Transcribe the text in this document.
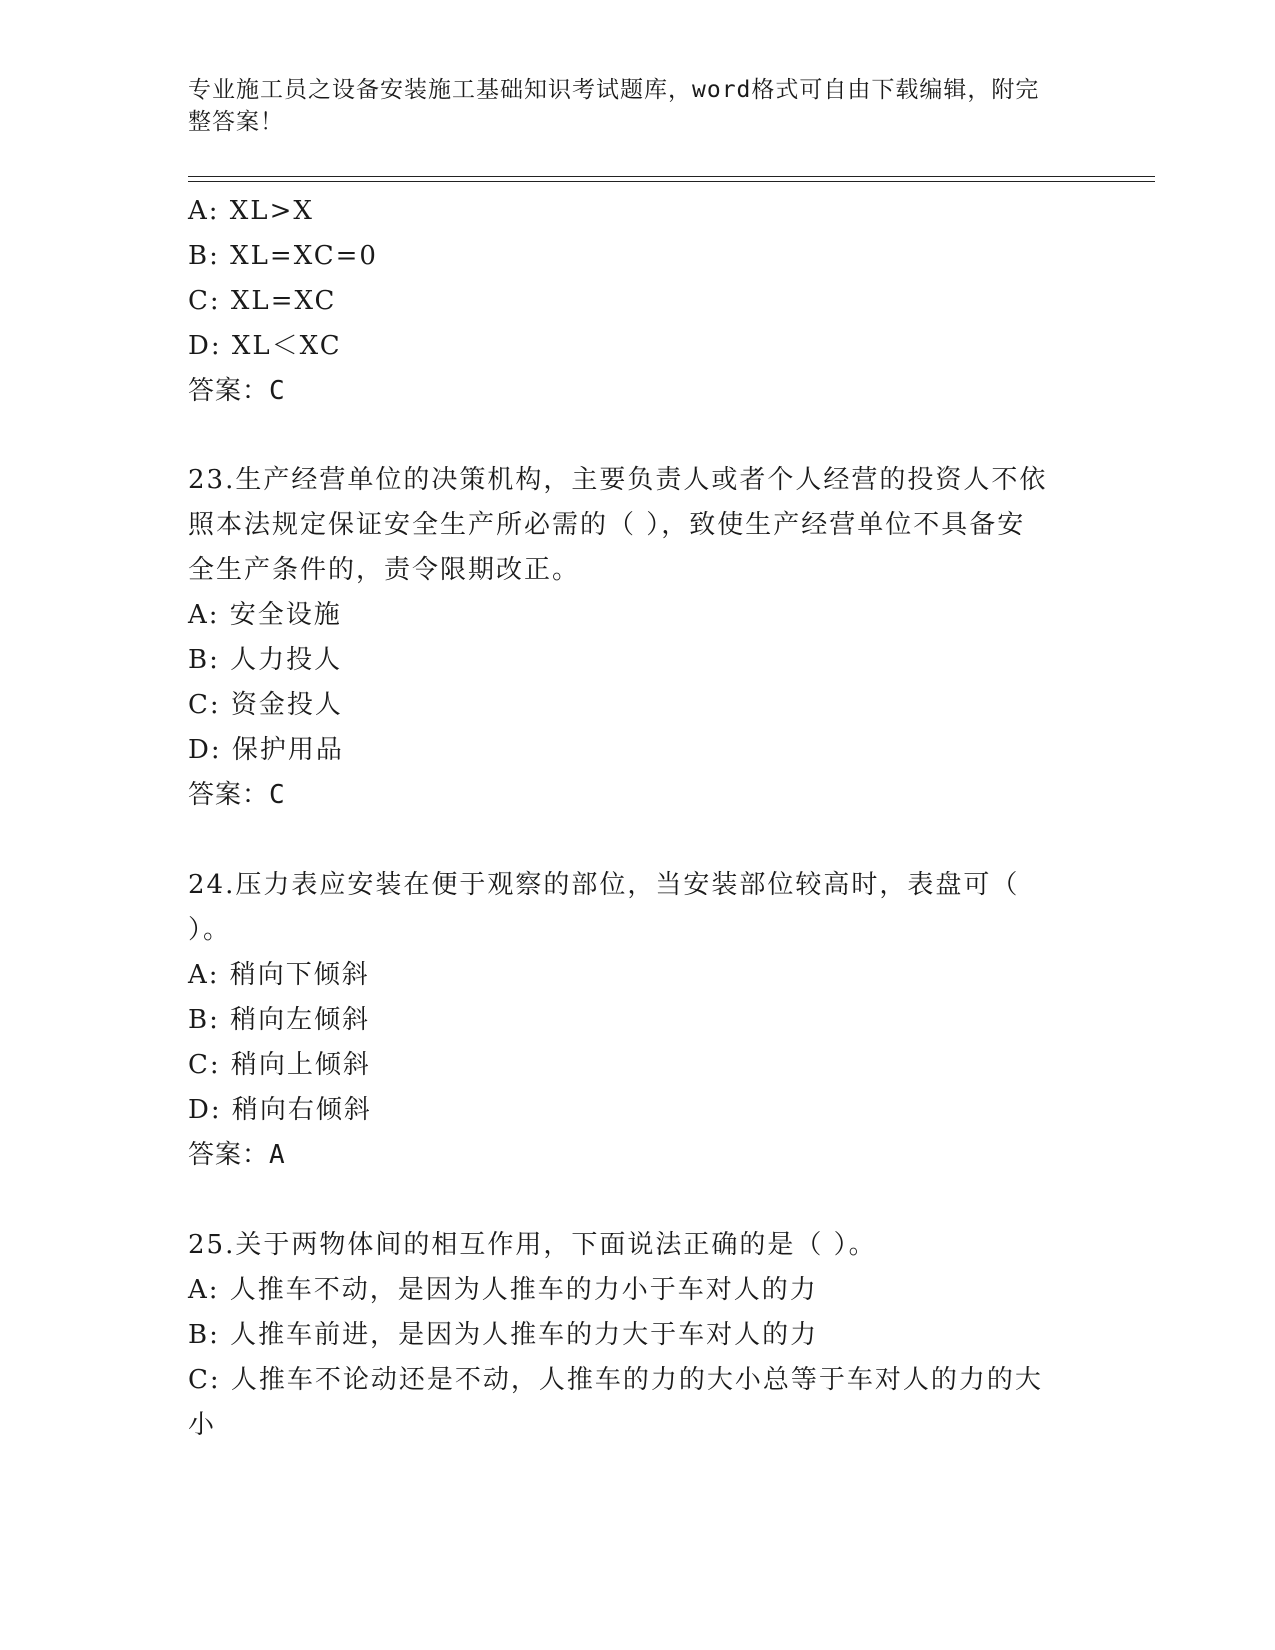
专业施工员之设备安装施工基础知识考试题库，word格式可自由下载编辑，附完整答案！
A: XL>X
B: XL=XC=0
C: XL=XC
D: XL＜XC
答案：C
23.生产经营单位的决策机构，主要负责人或者个人经营的投资人不依
照本法规定保证安全生产所必需的（ ），致使生产经营单位不具备安
全生产条件的，责令限期改正。
A: 安全设施
B: 人力投人
C: 资金投人
D: 保护用品
答案：C
24.压力表应安装在便于观察的部位，当安装部位较高时，表盘可（
）。
A: 稍向下倾斜
B: 稍向左倾斜
C: 稍向上倾斜
D: 稍向右倾斜
答案：A
25.关于两物体间的相互作用，下面说法正确的是（ ）。
A: 人推车不动，是因为人推车的力小于车对人的力
B: 人推车前进，是因为人推车的力大于车对人的力
C: 人推车不论动还是不动，人推车的力的大小总等于车对人的力的大
小
